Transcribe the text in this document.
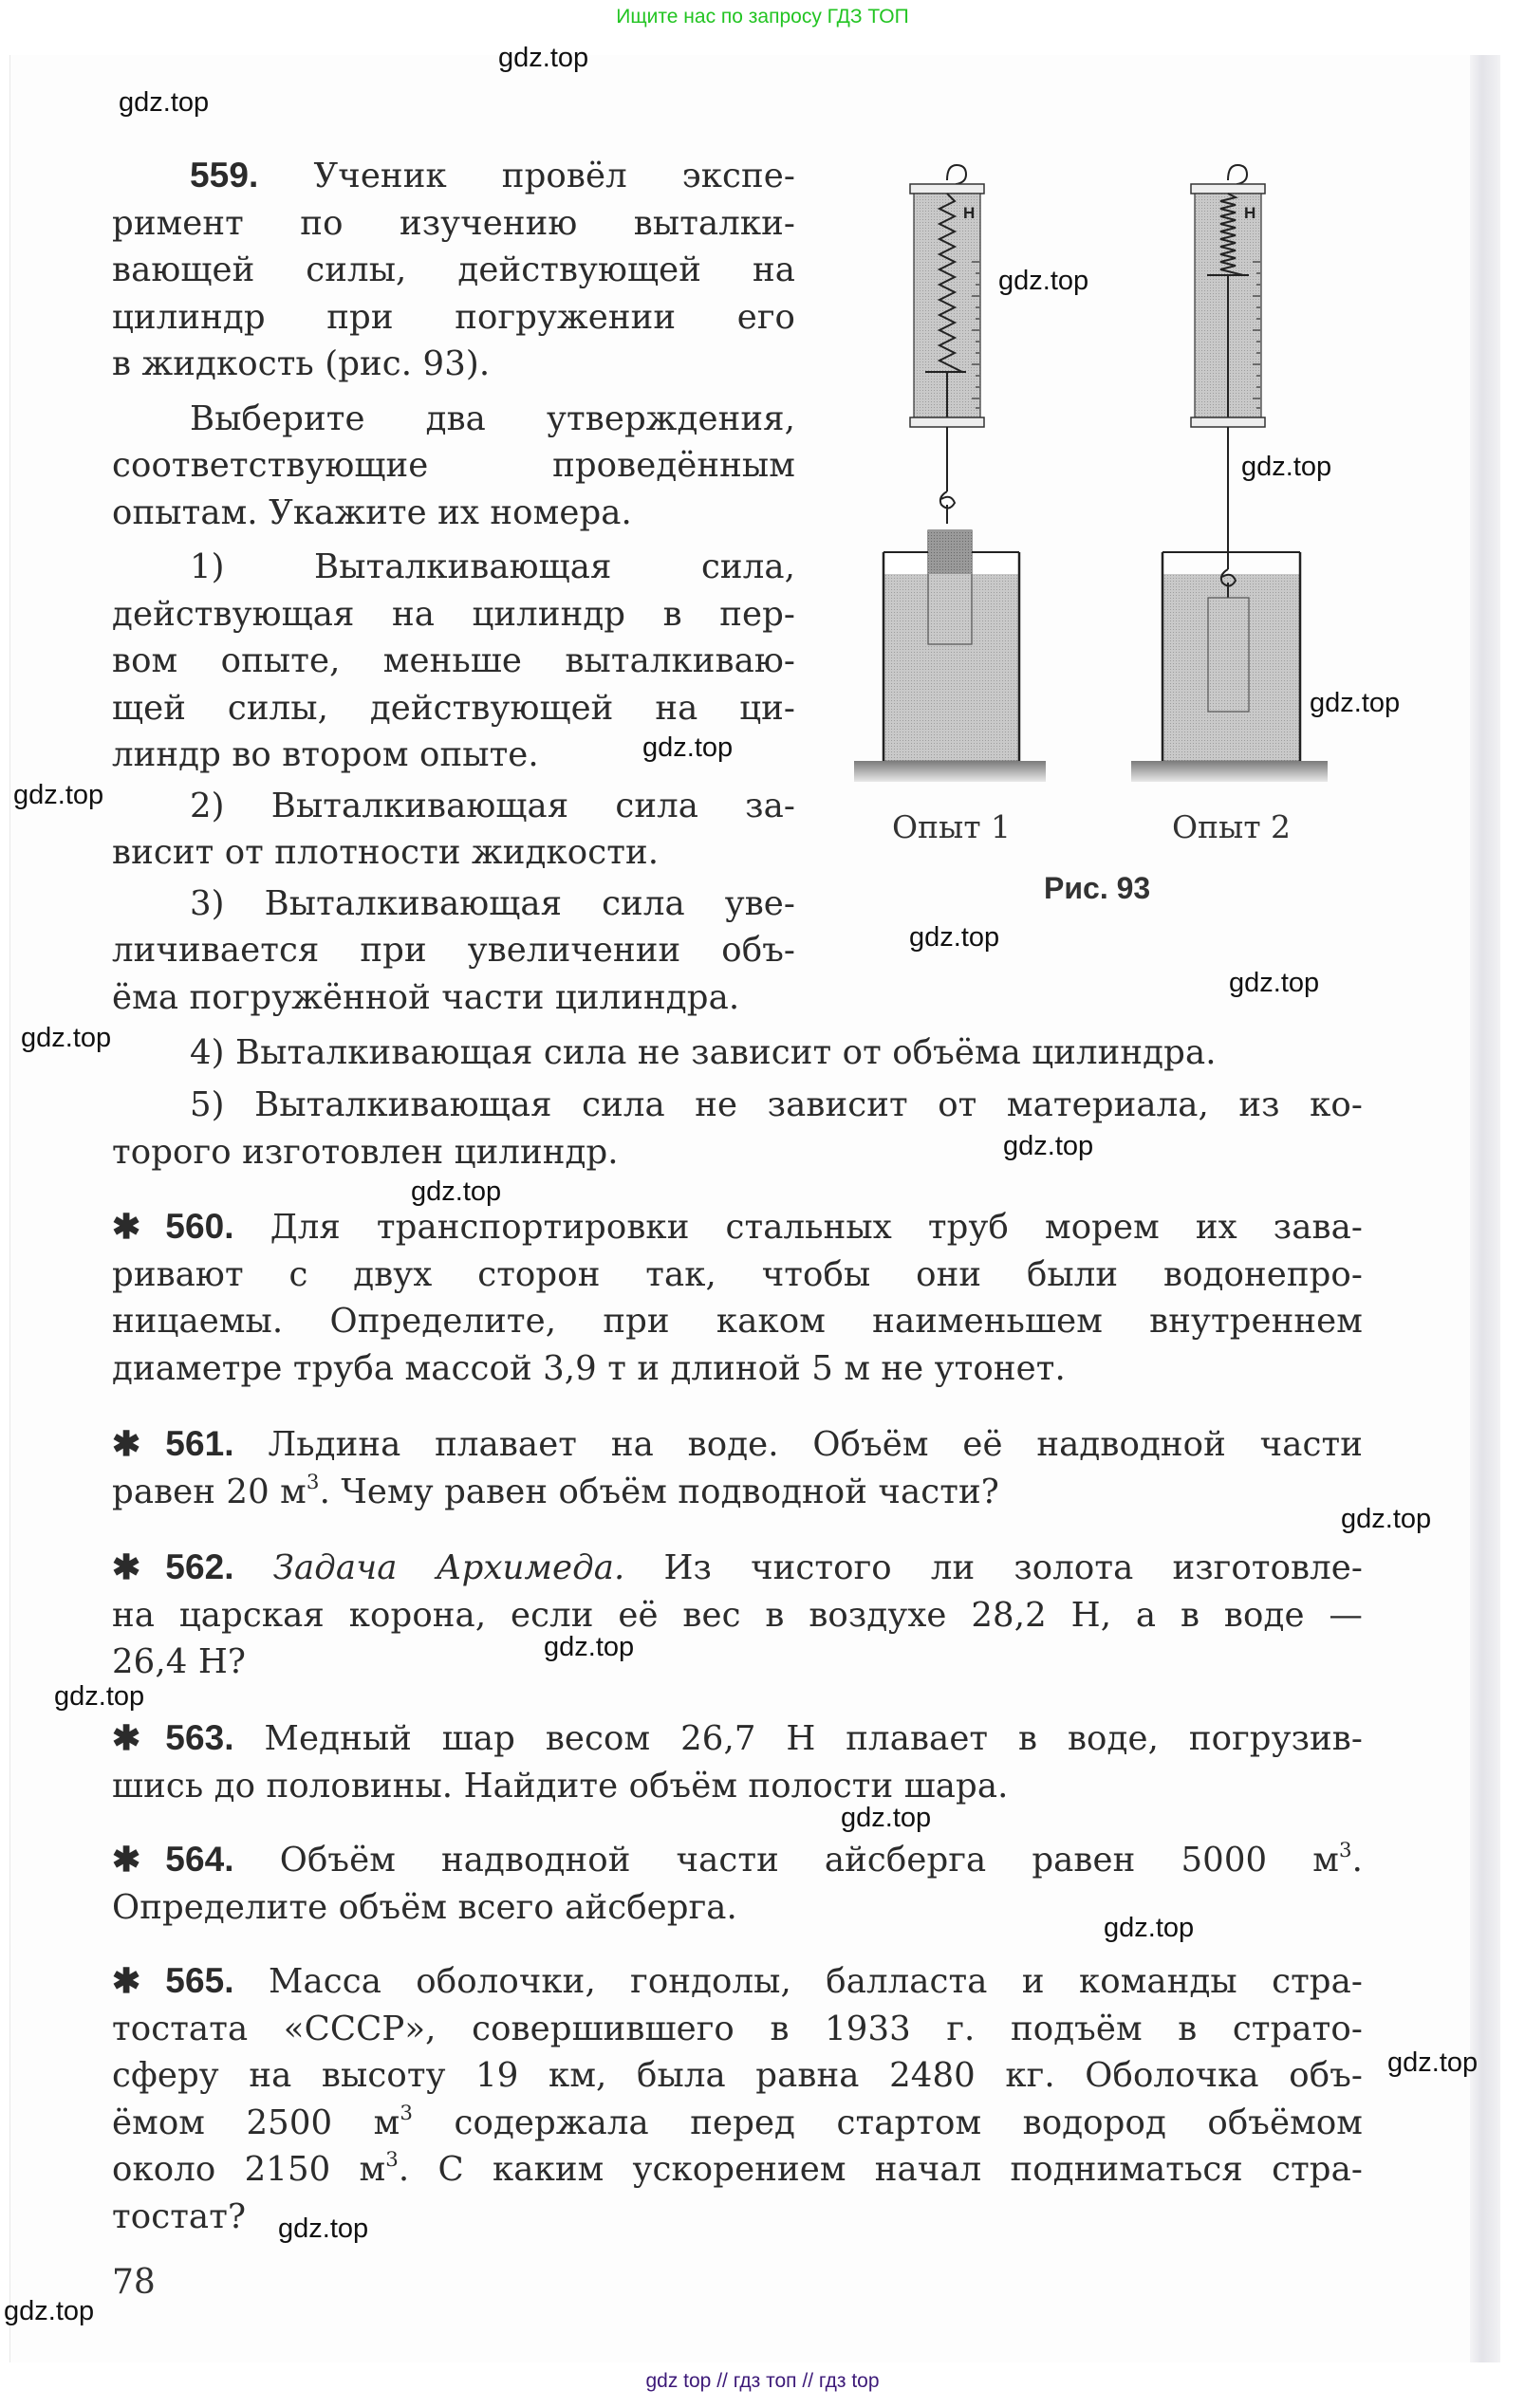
Ищите нас по запросу ГДЗ ТОП
559. Ученик провёл экспе-
римент по изучению выталки-
вающей силы, действующей на
цилиндр при погружении его
в жидкость (рис. 93).
Выберите два утверждения,
соответствующие проведённым
опытам. Укажите их номера.
1) Выталкивающая сила,
действующая на цилиндр в пер-
вом опыте, меньше выталкиваю-
щей силы, действующей на ци-
линдр во втором опыте.
2) Выталкивающая сила за-
висит от плотности жидкости.
3) Выталкивающая сила уве-
личивается при увеличении объ-
ёма погружённой части цилиндра.
4) Выталкивающая сила не зависит от объёма цилиндра.
5) Выталкивающая сила не зависит от материала, из ко-
торого изготовлен цилиндр.
Н	Н
Опыт 1	Опыт 2
Рис. 93
✱ 560. Для транспортировки стальных труб морем их зава-
ривают с двух сторон так, чтобы они были водонепро-
ницаемы. Определите, при каком наименьшем внутреннем
диаметре труба массой 3,9 т и длиной 5 м не утонет.
✱ 561. Льдина плавает на воде. Объём её надводной части
равен 20 $м^3$. Чему равен объём подводной части?
✱ 562. Задача Архимеда. Из чистого ли золота изготовле-
на царская корона, если её вес в воздухе 28,2 Н, а в воде —
26,4 Н?
✱ 563. Медный шар весом 26,7 Н плавает в воде, погрузив-
шись до половины. Найдите объём полости шара.
✱ 564. Объём надводной части айсберга равен 5000 $м^3$.
Определите объём всего айсберга.
✱ 565. Масса оболочки, гондолы, балласта и команды стра-
тостата «СССР», совершившего в 1933 г. подъём в страто-
сферу на высоту 19 км, была равна 2480 кг. Оболочка объ-
ёмом 2500 $м^3$ содержала перед стартом водород объёмом
около 2150 $м^3$. С каким ускорением начал подниматься стра-
тостат?
78
gdz.top
gdz.top
gdz.top
gdz.top
gdz.top
gdz.top
gdz.top
gdz.top
gdz.top
gdz.top
gdz.top
gdz.top
gdz.top
gdz.top
gdz.top
gdz.top
gdz.top
gdz.top
gdz.top
gdz.top
gdz top // гдз топ // гдз top
